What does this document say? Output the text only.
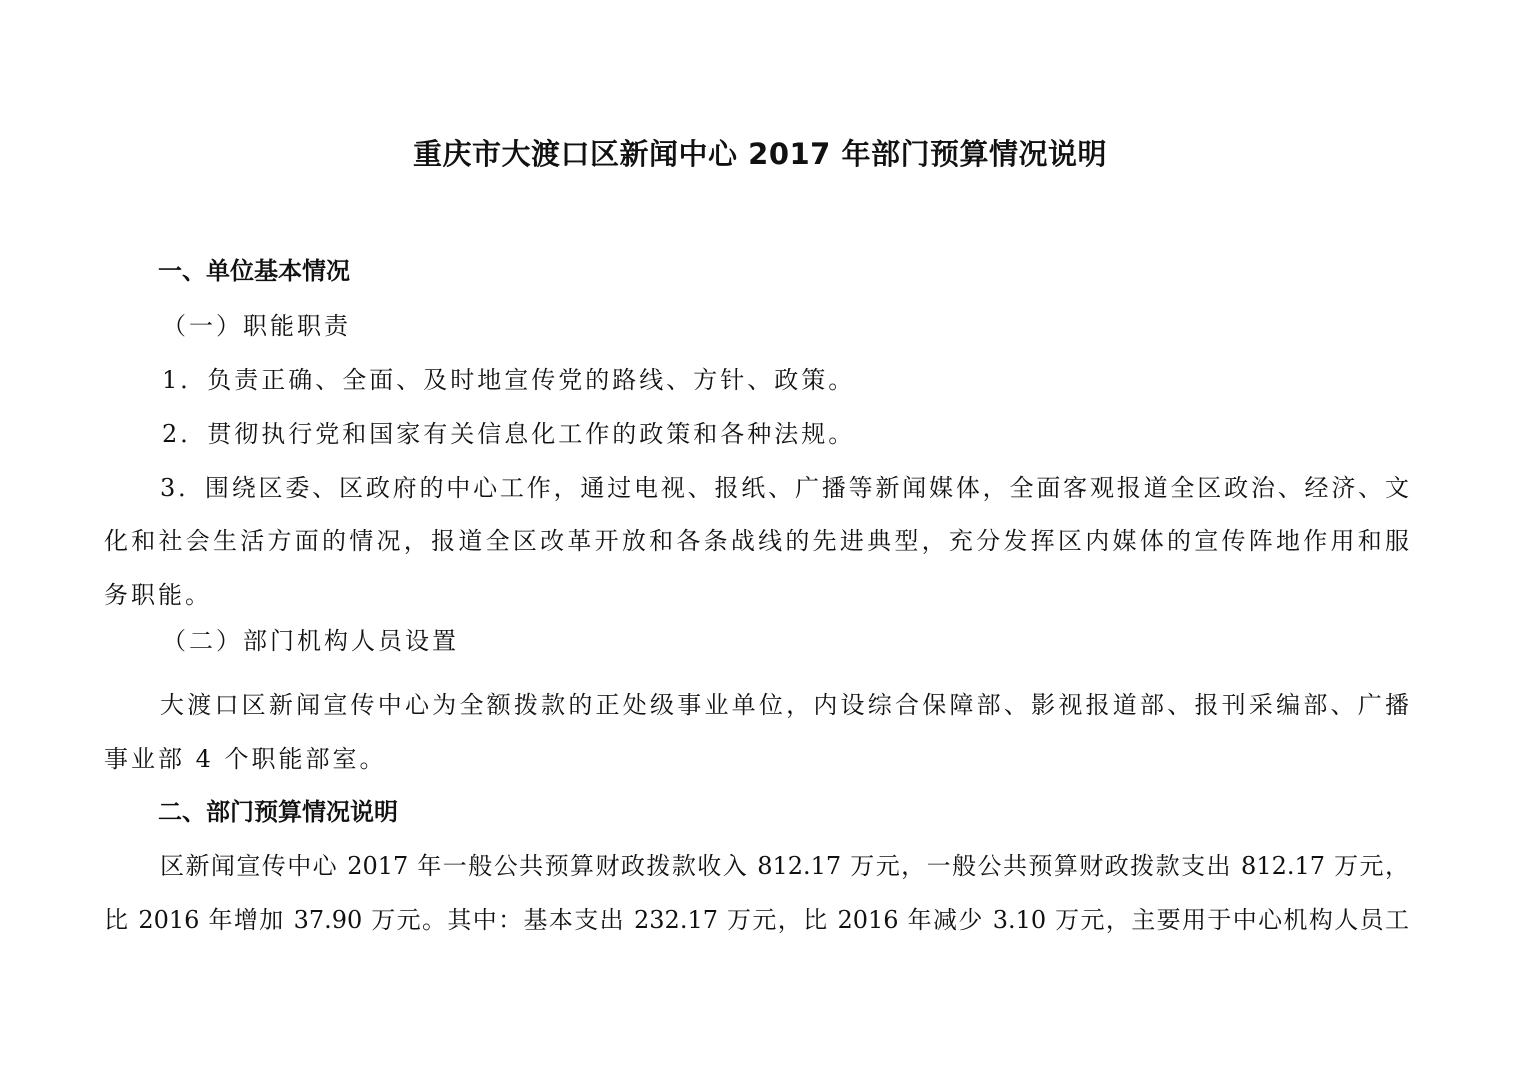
重庆市大渡口区新闻中心 2017 年部门预算情况说明

一、单位基本情况

（一）职能职责

1．负责正确、全面、及时地宣传党的路线、方针、政策。

2．贯彻执行党和国家有关信息化工作的政策和各种法规。

3．围绕区委、区政府的中心工作，通过电视、报纸、广播等新闻媒体，全面客观报道全区政治、经济、文

化和社会生活方面的情况，报道全区改革开放和各条战线的先进典型，充分发挥区内媒体的宣传阵地作用和服

务职能。

（二）部门机构人员设置

大渡口区新闻宣传中心为全额拨款的正处级事业单位，内设综合保障部、影视报道部、报刊采编部、广播

事业部 4 个职能部室。

二、部门预算情况说明

区新闻宣传中心 2017 年一般公共预算财政拨款收入 812.17 万元，一般公共预算财政拨款支出 812.17 万元，

比 2016 年增加 37.90 万元。其中：基本支出 232.17 万元，比 2016 年减少 3.10 万元，主要用于中心机构人员工
